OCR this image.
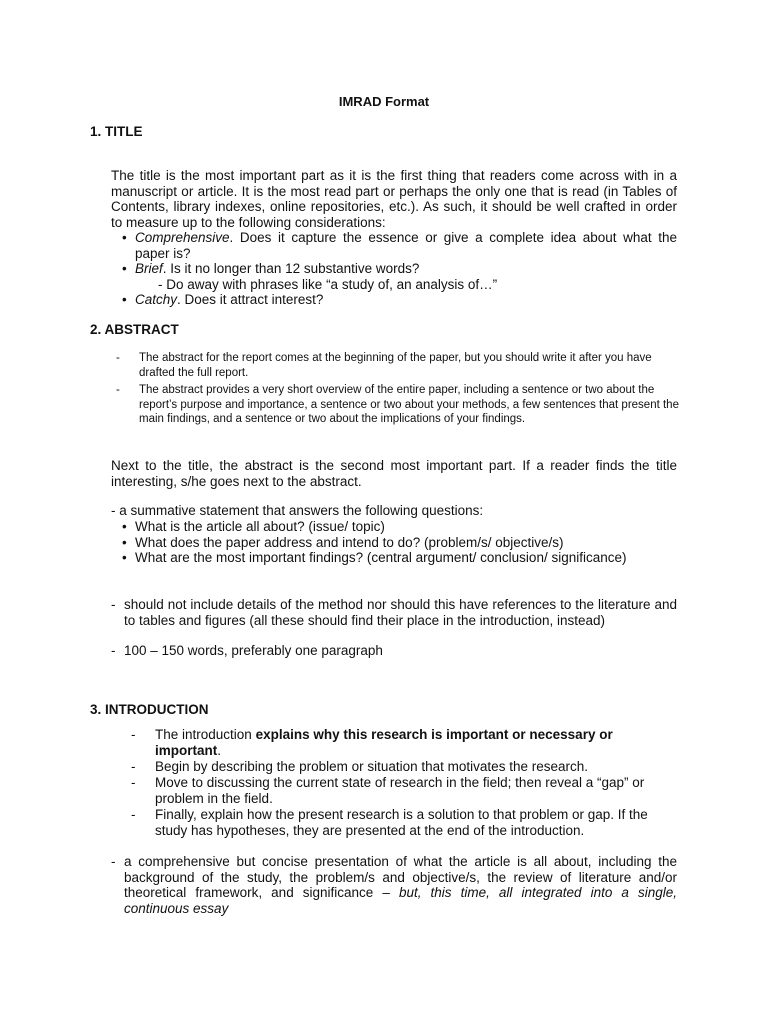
IMRAD Format
1. TITLE
The title is the most important part as it is the first thing that readers come across with in a manuscript or article. It is the most read part or perhaps the only one that is read (in Tables of Contents, library indexes, online repositories, etc.). As such, it should be well crafted in order to measure up to the following considerations:
• Comprehensive. Does it capture the essence or give a complete idea about what the paper is?
• Brief. Is it no longer than 12 substantive words?
- Do away with phrases like “a study of, an analysis of…”
• Catchy. Does it attract interest?
2. ABSTRACT
- The abstract for the report comes at the beginning of the paper, but you should write it after you have drafted the full report.
- The abstract provides a very short overview of the entire paper, including a sentence or two about the report’s purpose and importance, a sentence or two about your methods, a few sentences that present the main findings, and a sentence or two about the implications of your findings.
Next to the title, the abstract is the second most important part. If a reader finds the title interesting, s/he goes next to the abstract.
- a summative statement that answers the following questions:
• What is the article all about? (issue/ topic)
• What does the paper address and intend to do? (problem/s/ objective/s)
• What are the most important findings? (central argument/ conclusion/ significance)
- should not include details of the method nor should this have references to the literature and to tables and figures (all these should find their place in the introduction, instead)
- 100 – 150 words, preferably one paragraph
3. INTRODUCTION
- The introduction explains why this research is important or necessary or important.
- Begin by describing the problem or situation that motivates the research.
- Move to discussing the current state of research in the field; then reveal a “gap” or problem in the field.
- Finally, explain how the present research is a solution to that problem or gap. If the study has hypotheses, they are presented at the end of the introduction.
- a comprehensive but concise presentation of what the article is all about, including the background of the study, the problem/s and objective/s, the review of literature and/or theoretical framework, and significance – but, this time, all integrated into a single, continuous essay
